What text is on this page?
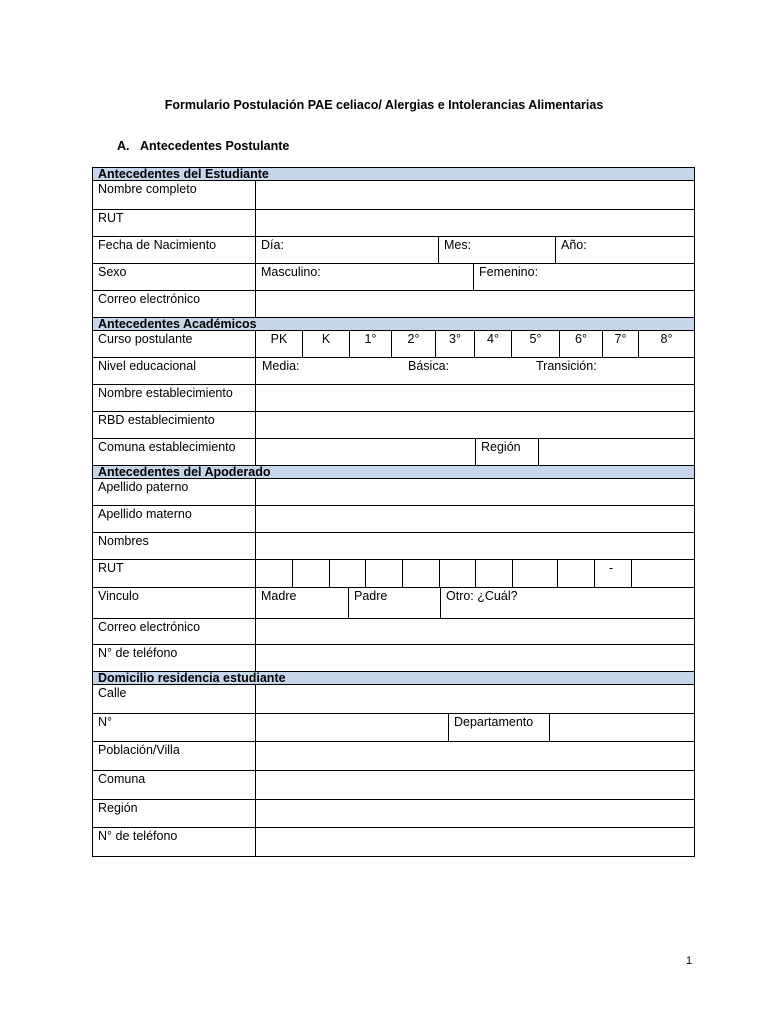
Formulario Postulación PAE celiaco/ Alergias e Intolerancias Alimentarias
A. Antecedentes Postulante
Antecedentes del Estudiante
Nombre completo
RUT
Fecha de Nacimiento	Día:	Mes:	Año:
Sexo	Masculino:	Femenino:
Correo electrónico
Antecedentes Académicos
Curso postulante	PK	K	1°	2°	3°	4°	5°	6°	7°	8°
Nivel educacional	Media:	Básica:	Transición:
Nombre establecimiento
RBD establecimiento
Comuna establecimiento	Región
Antecedentes del Apoderado
Apellido paterno
Apellido materno
Nombres
RUT	-
Vinculo	Madre	Padre	Otro: ¿Cuál?
Correo electrónico
N° de teléfono
Domicilio residencia estudiante
Calle
N°	Departamento
Población/Villa
Comuna
Región
N° de teléfono
1
